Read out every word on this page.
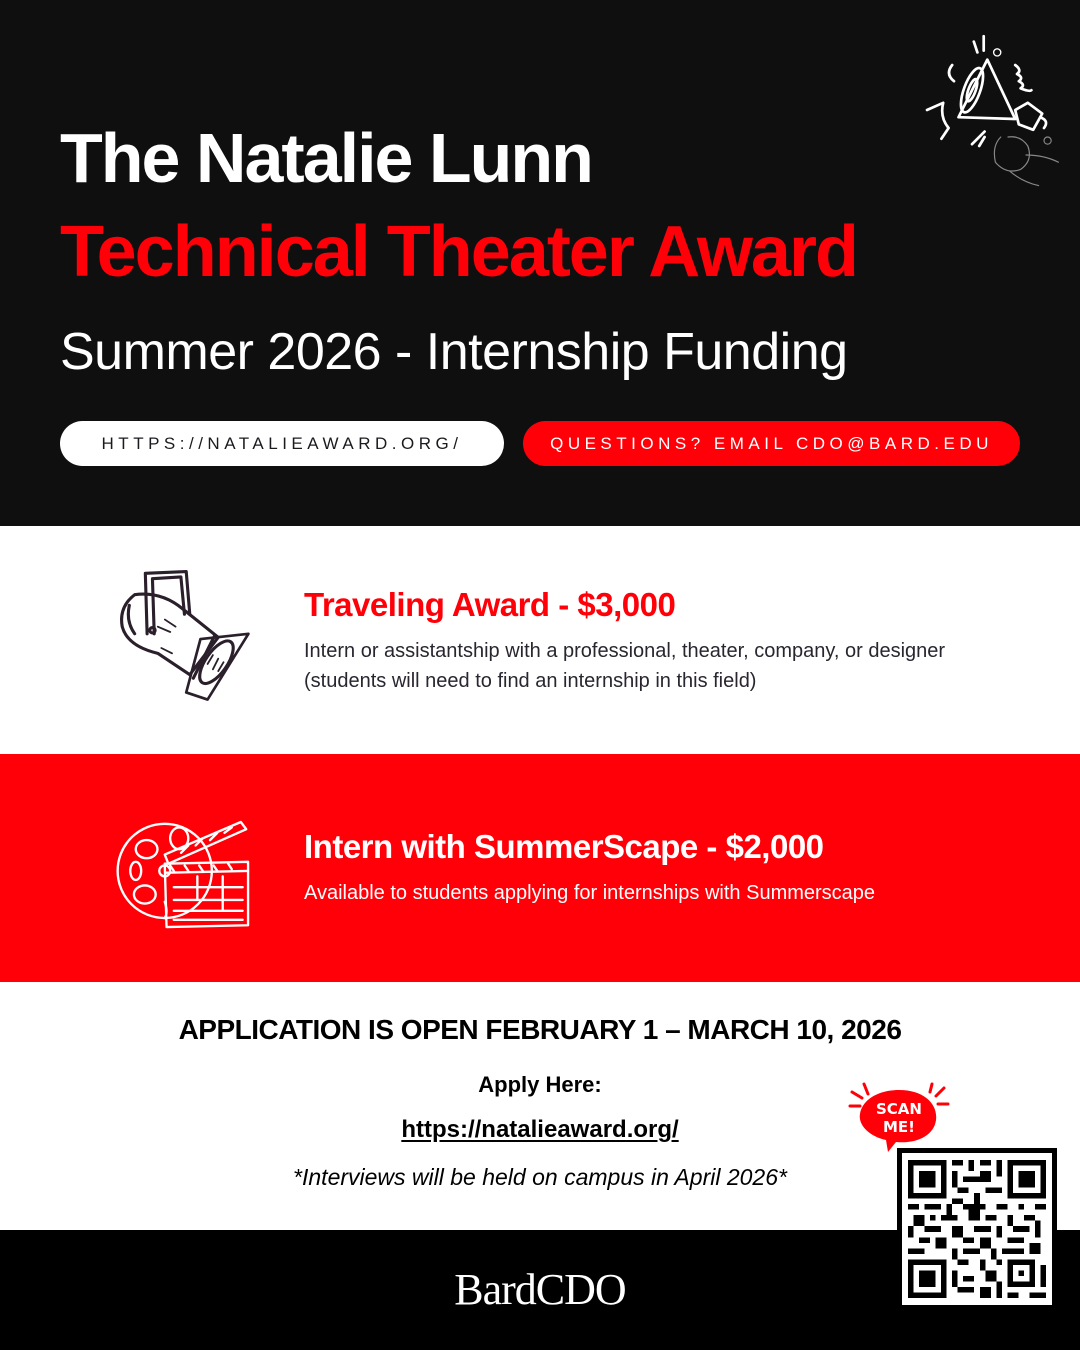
The Natalie Lunn
Technical Theater Award
Summer 2026 - Internship Funding
HTTPS://NATALIEAWARD.ORG/	QUESTIONS? EMAIL CDO@BARD.EDU
Traveling Award - $3,000

Intern or assistantship with a professional, theater, company, or designer (students will need to find an internship in this field)

Intern with SummerScape - $2,000

Available to students applying for internships with Summerscape

APPLICATION IS OPEN FEBRUARY 1 – MARCH 10, 2026
Apply Here:
https://natalieaward.org/
*Interviews will be held on campus in April 2026*
BardCDO
SCAN
ME!
